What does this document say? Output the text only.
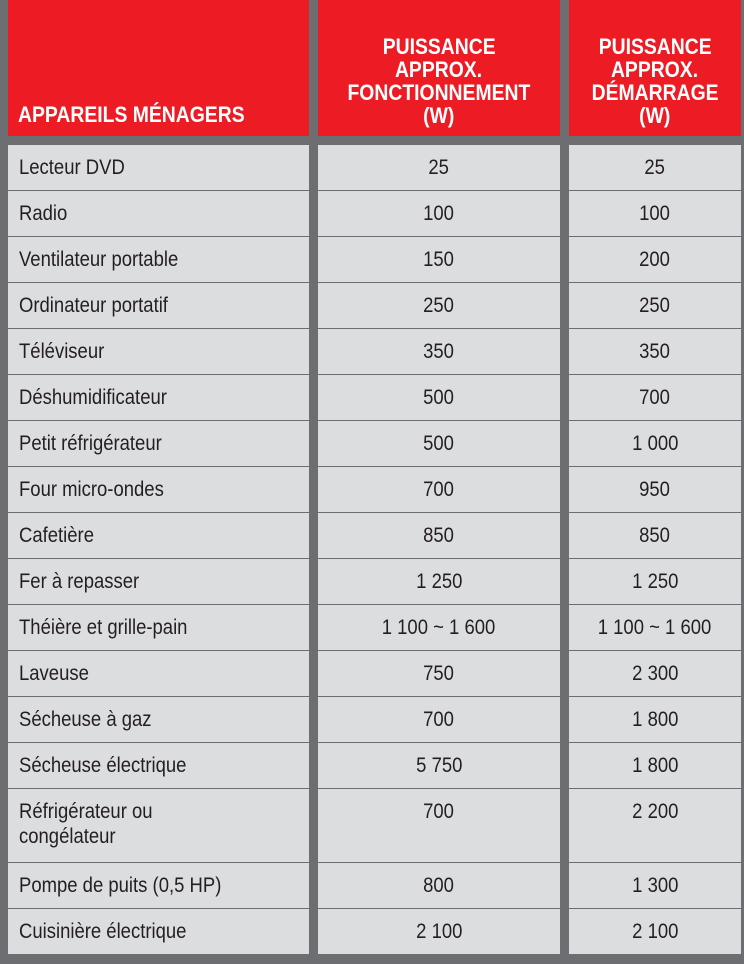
APPAREILS MÉNAGERS
Lecteur DVD
Radio
Ventilateur portable
Ordinateur portatif
Téléviseur
Déshumidificateur
Petit réfrigérateur
Four micro-ondes
Cafetière
Fer à repasser
Théière et grille-pain
Laveuse
Sécheuse à gaz
Sécheuse électrique
Réfrigérateur ou
congélateur
Pompe de puits (0,5 HP)
Cuisinière électrique
PUISSANCE
APPROX.
FONCTIONNEMENT
(W)
25
100
150
250
350
500
500
700
850
1 250
1 100 ~ 1 600
750
700
5 750
700
800
2 100
PUISSANCE
APPROX.
DÉMARRAGE
(W)
25
100
200
250
350
700
1 000
950
850
1 250
1 100 ~ 1 600
2 300
1 800
1 800
2 200
1 300
2 100
